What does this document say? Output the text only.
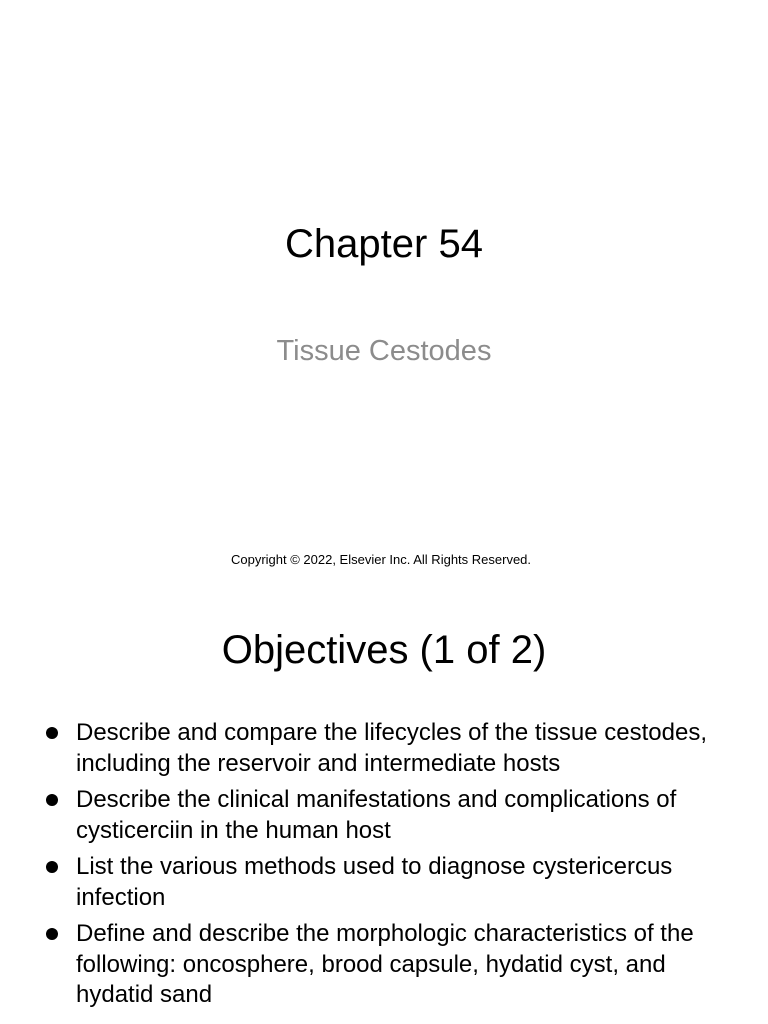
Chapter 54
Tissue Cestodes
Copyright © 2022, Elsevier Inc. All Rights Reserved.
Objectives (1 of 2)
Describe and compare the lifecycles of the tissue cestodes, including the reservoir and intermediate hosts
Describe the clinical manifestations and complications of cysticerciin in the human host
List the various methods used to diagnose cystericercus infection
Define and describe the morphologic characteristics of the following: oncosphere, brood capsule, hydatid cyst, and hydatid sand
